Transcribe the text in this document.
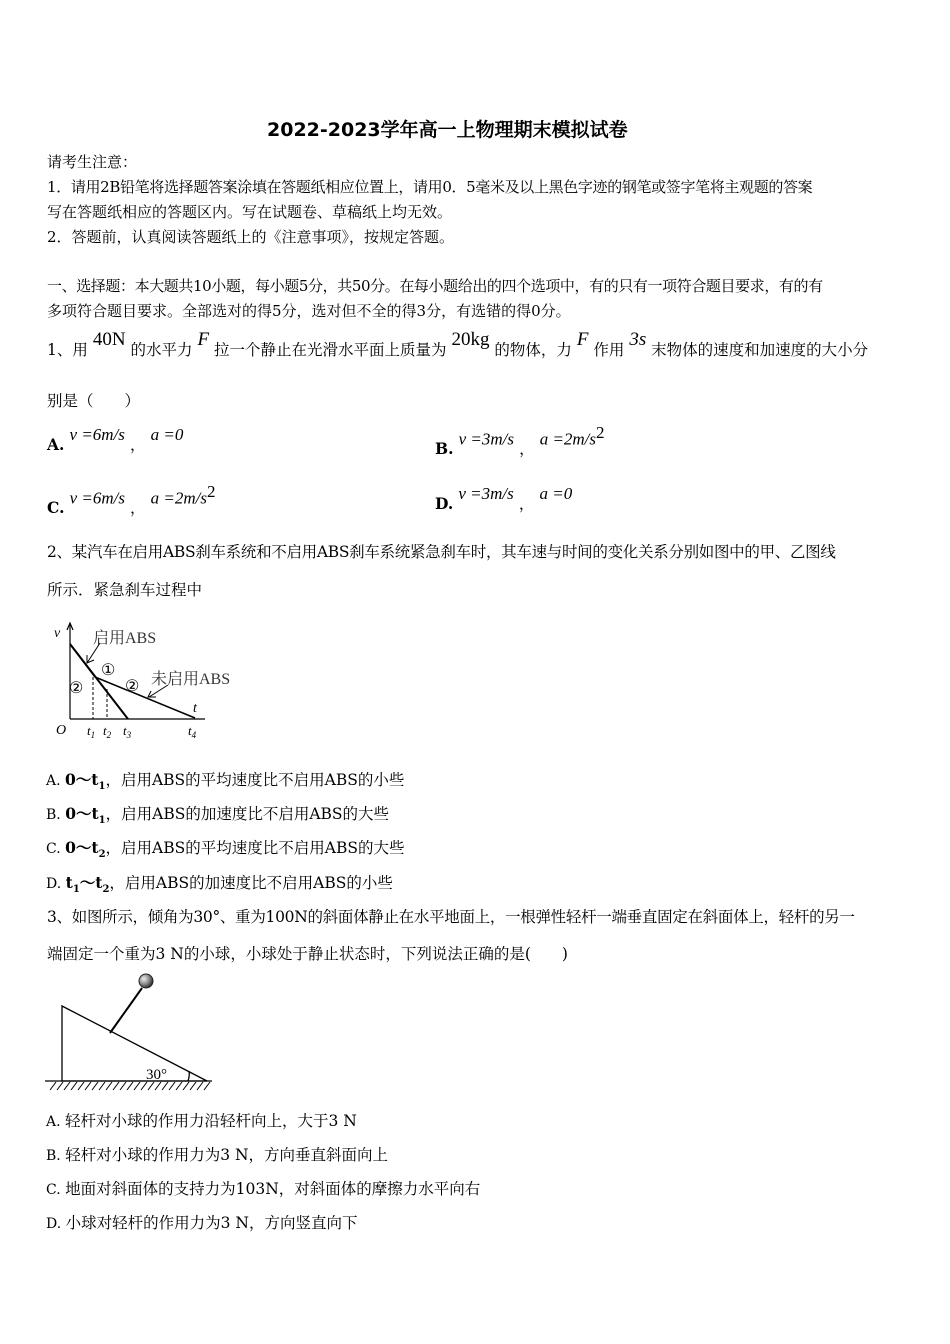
2022-2023学年高一上物理期末模拟试卷
请考生注意：
1．请用2B铅笔将选择题答案涂填在答题纸相应位置上，请用0．5毫米及以上黑色字迹的钢笔或签字笔将主观题的答案
写在答题纸相应的答题区内。写在试题卷、草稿纸上均无效。
2．答题前，认真阅读答题纸上的《注意事项》，按规定答题。
一、选择题：本大题共10小题，每小题5分，共50分。在每小题给出的四个选项中，有的只有一项符合题目要求，有的有
多项符合题目要求。全部选对的得5分，选对但不全的得3分，有选错的得0分。
1、用 40N 的水平力 F 拉一个静止在光滑水平面上质量为 20kg 的物体，力 F 作用 3s 末物体的速度和加速度的大小分
别是（　　）
A. v =6m/s ， a =0
B. v =3m/s ， $a =2m/s^2$
C. v =6m/s ， $a =2m/s^2$
D. v =3m/s ， a =0
2、某汽车在启用ABS刹车系统和不启用ABS刹车系统紧急刹车时，其车速与时间的变化关系分别如图中的甲、乙图线
所示．紧急刹车过程中
v
t
O
启用ABS
未启用ABS
①
②	②
$t_1$ $t_2$ $t_3$	$t_4$
A. $0\sim t_1$，启用ABS的平均速度比不启用ABS的小些
B. $0\sim t_1$，启用ABS的加速度比不启用ABS的大些
C. $0\sim t_2$，启用ABS的平均速度比不启用ABS的大些
D. $t_1\sim t_2$，启用ABS的加速度比不启用ABS的小些
3、如图所示，倾角为30°、重为100N的斜面体静止在水平地面上，一根弹性轻杆一端垂直固定在斜面体上，轻杆的另一
端固定一个重为3 N的小球，小球处于静止状态时，下列说法正确的是(　　)
30°
A. 轻杆对小球的作用力沿轻杆向上，大于3 N
B. 轻杆对小球的作用力为3 N，方向垂直斜面向上
C. 地面对斜面体的支持力为103N，对斜面体的摩擦力水平向右
D. 小球对轻杆的作用力为3 N，方向竖直向下
